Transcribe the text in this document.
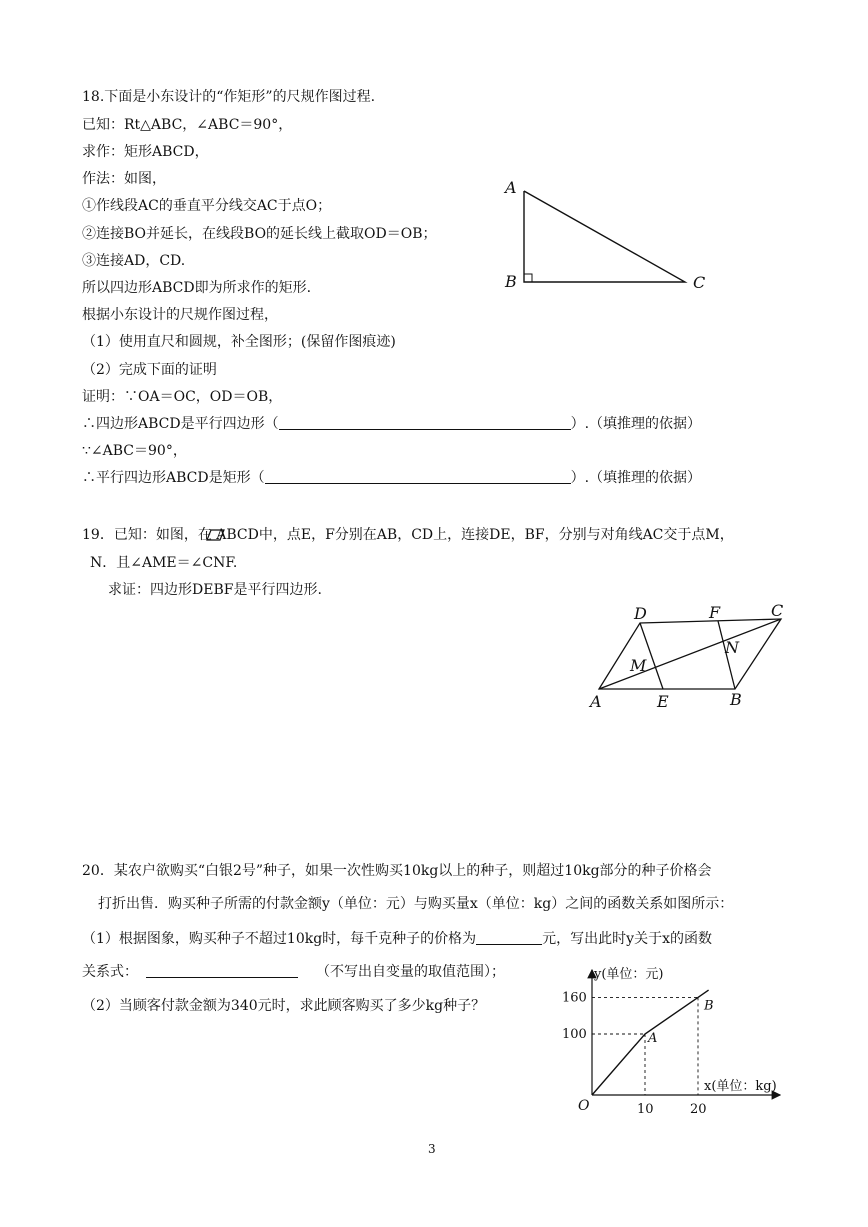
18.下面是小东设计的“作矩形”的尺规作图过程.
已知：Rt△ABC，∠ABC＝90°，
求作：矩形ABCD，
作法：如图，
①作线段AC的垂直平分线交AC于点O；
②连接BO并延长，在线段BO的延长线上截取OD＝OB；
③连接AD，CD.
所以四边形ABCD即为所求作的矩形.
根据小东设计的尺规作图过程，
（1）使用直尺和圆规，补全图形；(保留作图痕迹)
（2）完成下面的证明
证明：∵OA＝OC，OD＝OB，
∴四边形ABCD是平行四边形（	）.（填推理的依据）
∵∠ABC＝90°，
∴平行四边形ABCD是矩形（	）.（填推理的依据）
A
B	C
19．已知：如图，在 ABCD中，点E，F分别在AB，CD上，连接DE，BF，分别与对角线AC交于点M，
N．且∠AME＝∠CNF.
求证：四边形DEBF是平行四边形.
D	F	C
N
M
A	E	B
20．某农户欲购买“白银2号”种子，如果一次性购买10kg以上的种子，则超过10kg部分的种子价格会
打折出售．购买种子所需的付款金额y（单位：元）与购买量x（单位：kg）之间的函数关系如图所示：
（1）根据图象，购买种子不超过10kg时，每千克种子的价格为	元，写出此时y关于x的函数
关系式：	（不写出自变量的取值范围）；
（2）当顾客付款金额为340元时，求此顾客购买了多少kg种子？
y(单位：元)
x(单位：kg)
O
160
100
10	20
A
B
3
